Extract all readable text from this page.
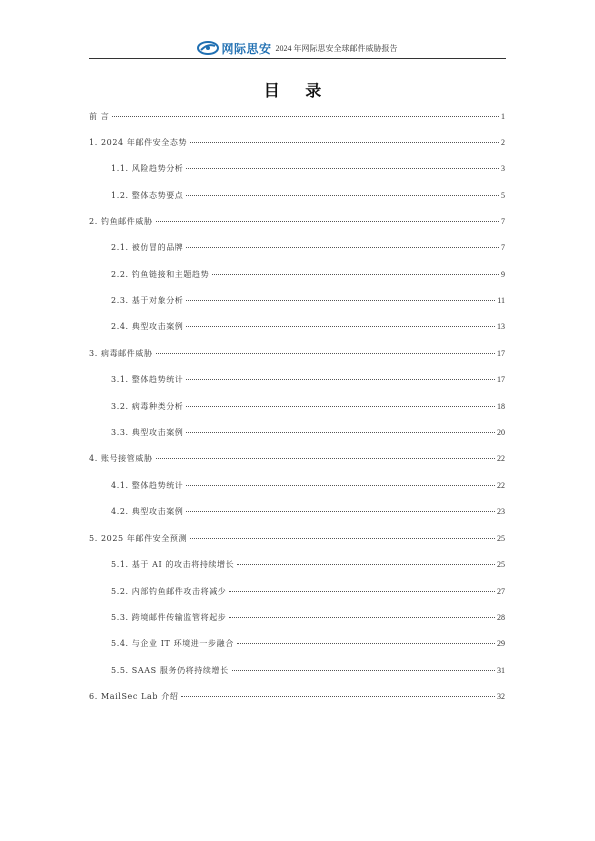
网际思安 2024 年网际思安全球邮件威胁报告
目 录
前 言	1
1. 2024 年邮件安全态势	2
1.1. 风险趋势分析	3
1.2. 整体态势要点	5
2. 钓鱼邮件威胁	7
2.1. 被仿冒的品牌	7
2.2. 钓鱼链接和主题趋势	9
2.3. 基于对象分析	11
2.4. 典型攻击案例	13
3. 病毒邮件威胁	17
3.1. 整体趋势统计	17
3.2. 病毒种类分析	18
3.3. 典型攻击案例	20
4. 账号接管威胁	22
4.1. 整体趋势统计	22
4.2. 典型攻击案例	23
5. 2025 年邮件安全预测	25
5.1. 基于 AI 的攻击将持续增长	25
5.2. 内部钓鱼邮件攻击将减少	27
5.3. 跨境邮件传输监管将起步	28
5.4. 与企业 IT 环境进一步融合	29
5.5. SAAS 服务仍将持续增长	31
6. MailSec Lab 介绍	32
